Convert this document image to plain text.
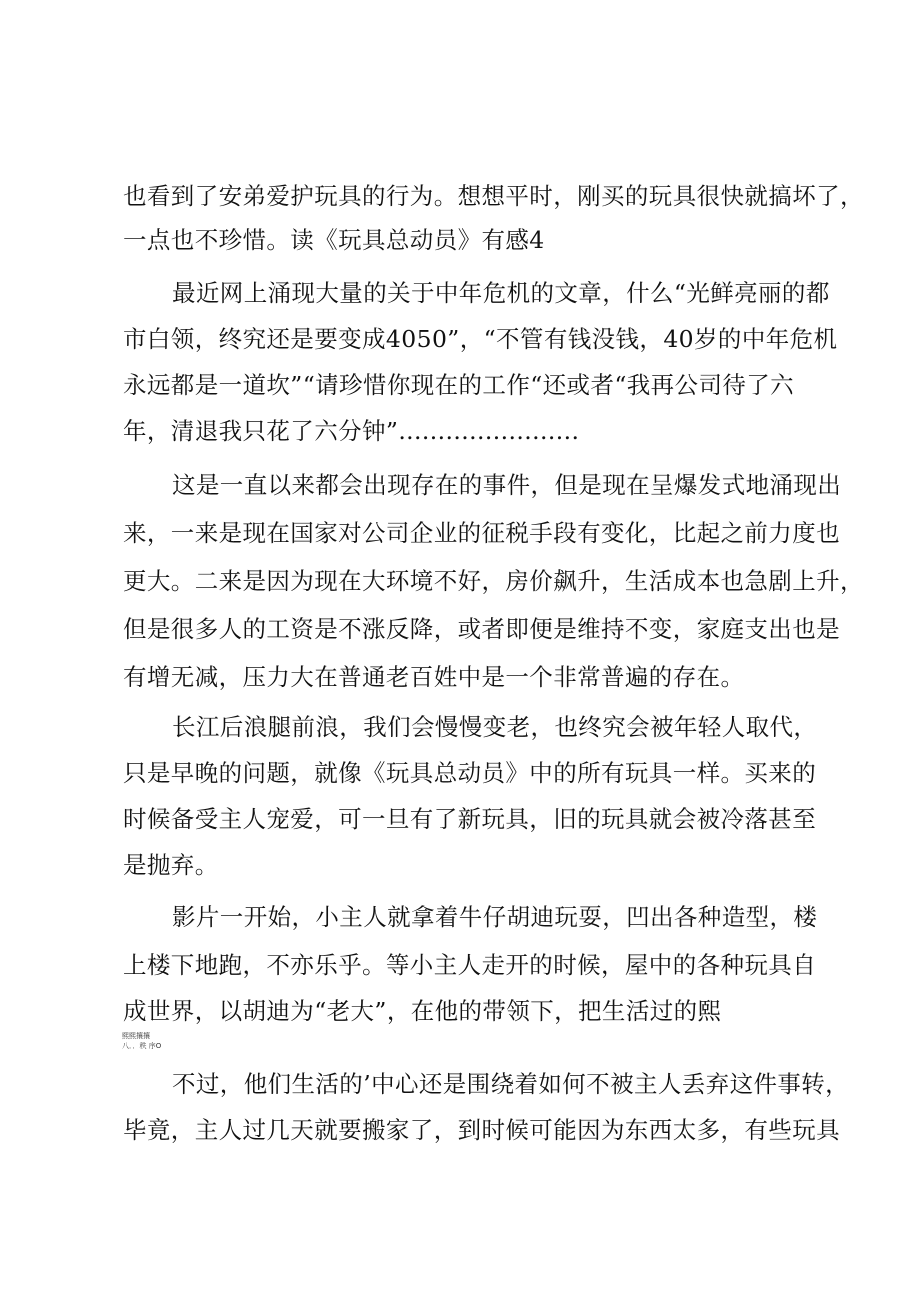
也看到了安弟爱护玩具的行为。想想平时，刚买的玩具很快就搞坏了，
一点也不珍惜。读《玩具总动员》有感4
最近网上涌现大量的关于中年危机的文章，什么“光鲜亮丽的都
市白领，终究还是要变成4050”，“不管有钱没钱，40岁的中年危机
永远都是一道坎”“请珍惜你现在的工作“还或者“我再公司待了六
年，清退我只花了六分钟”.......................
这是一直以来都会出现存在的事件，但是现在呈爆发式地涌现出
来，一来是现在国家对公司企业的征税手段有变化，比起之前力度也
更大。二来是因为现在大环境不好，房价飙升，生活成本也急剧上升，
但是很多人的工资是不涨反降，或者即便是维持不变，家庭支出也是
有增无减，压力大在普通老百姓中是一个非常普遍的存在。
长江后浪腿前浪，我们会慢慢变老，也终究会被年轻人取代，
只是早晚的问题，就像《玩具总动员》中的所有玩具一样。买来的
时候备受主人宠爱，可一旦有了新玩具，旧的玩具就会被冷落甚至
是抛弃。
影片一开始，小主人就拿着牛仔胡迪玩耍，凹出各种造型，楼
上楼下地跑，不亦乐乎。等小主人走开的时候，屋中的各种玩具自
成世界，以胡迪为“老大”，在他的带领下，把生活过的熙
熙熙攘攘
八．．秩 序O
不过，他们生活的’中心还是围绕着如何不被主人丢弃这件事转，
毕竟，主人过几天就要搬家了，到时候可能因为东西太多，有些玩具
